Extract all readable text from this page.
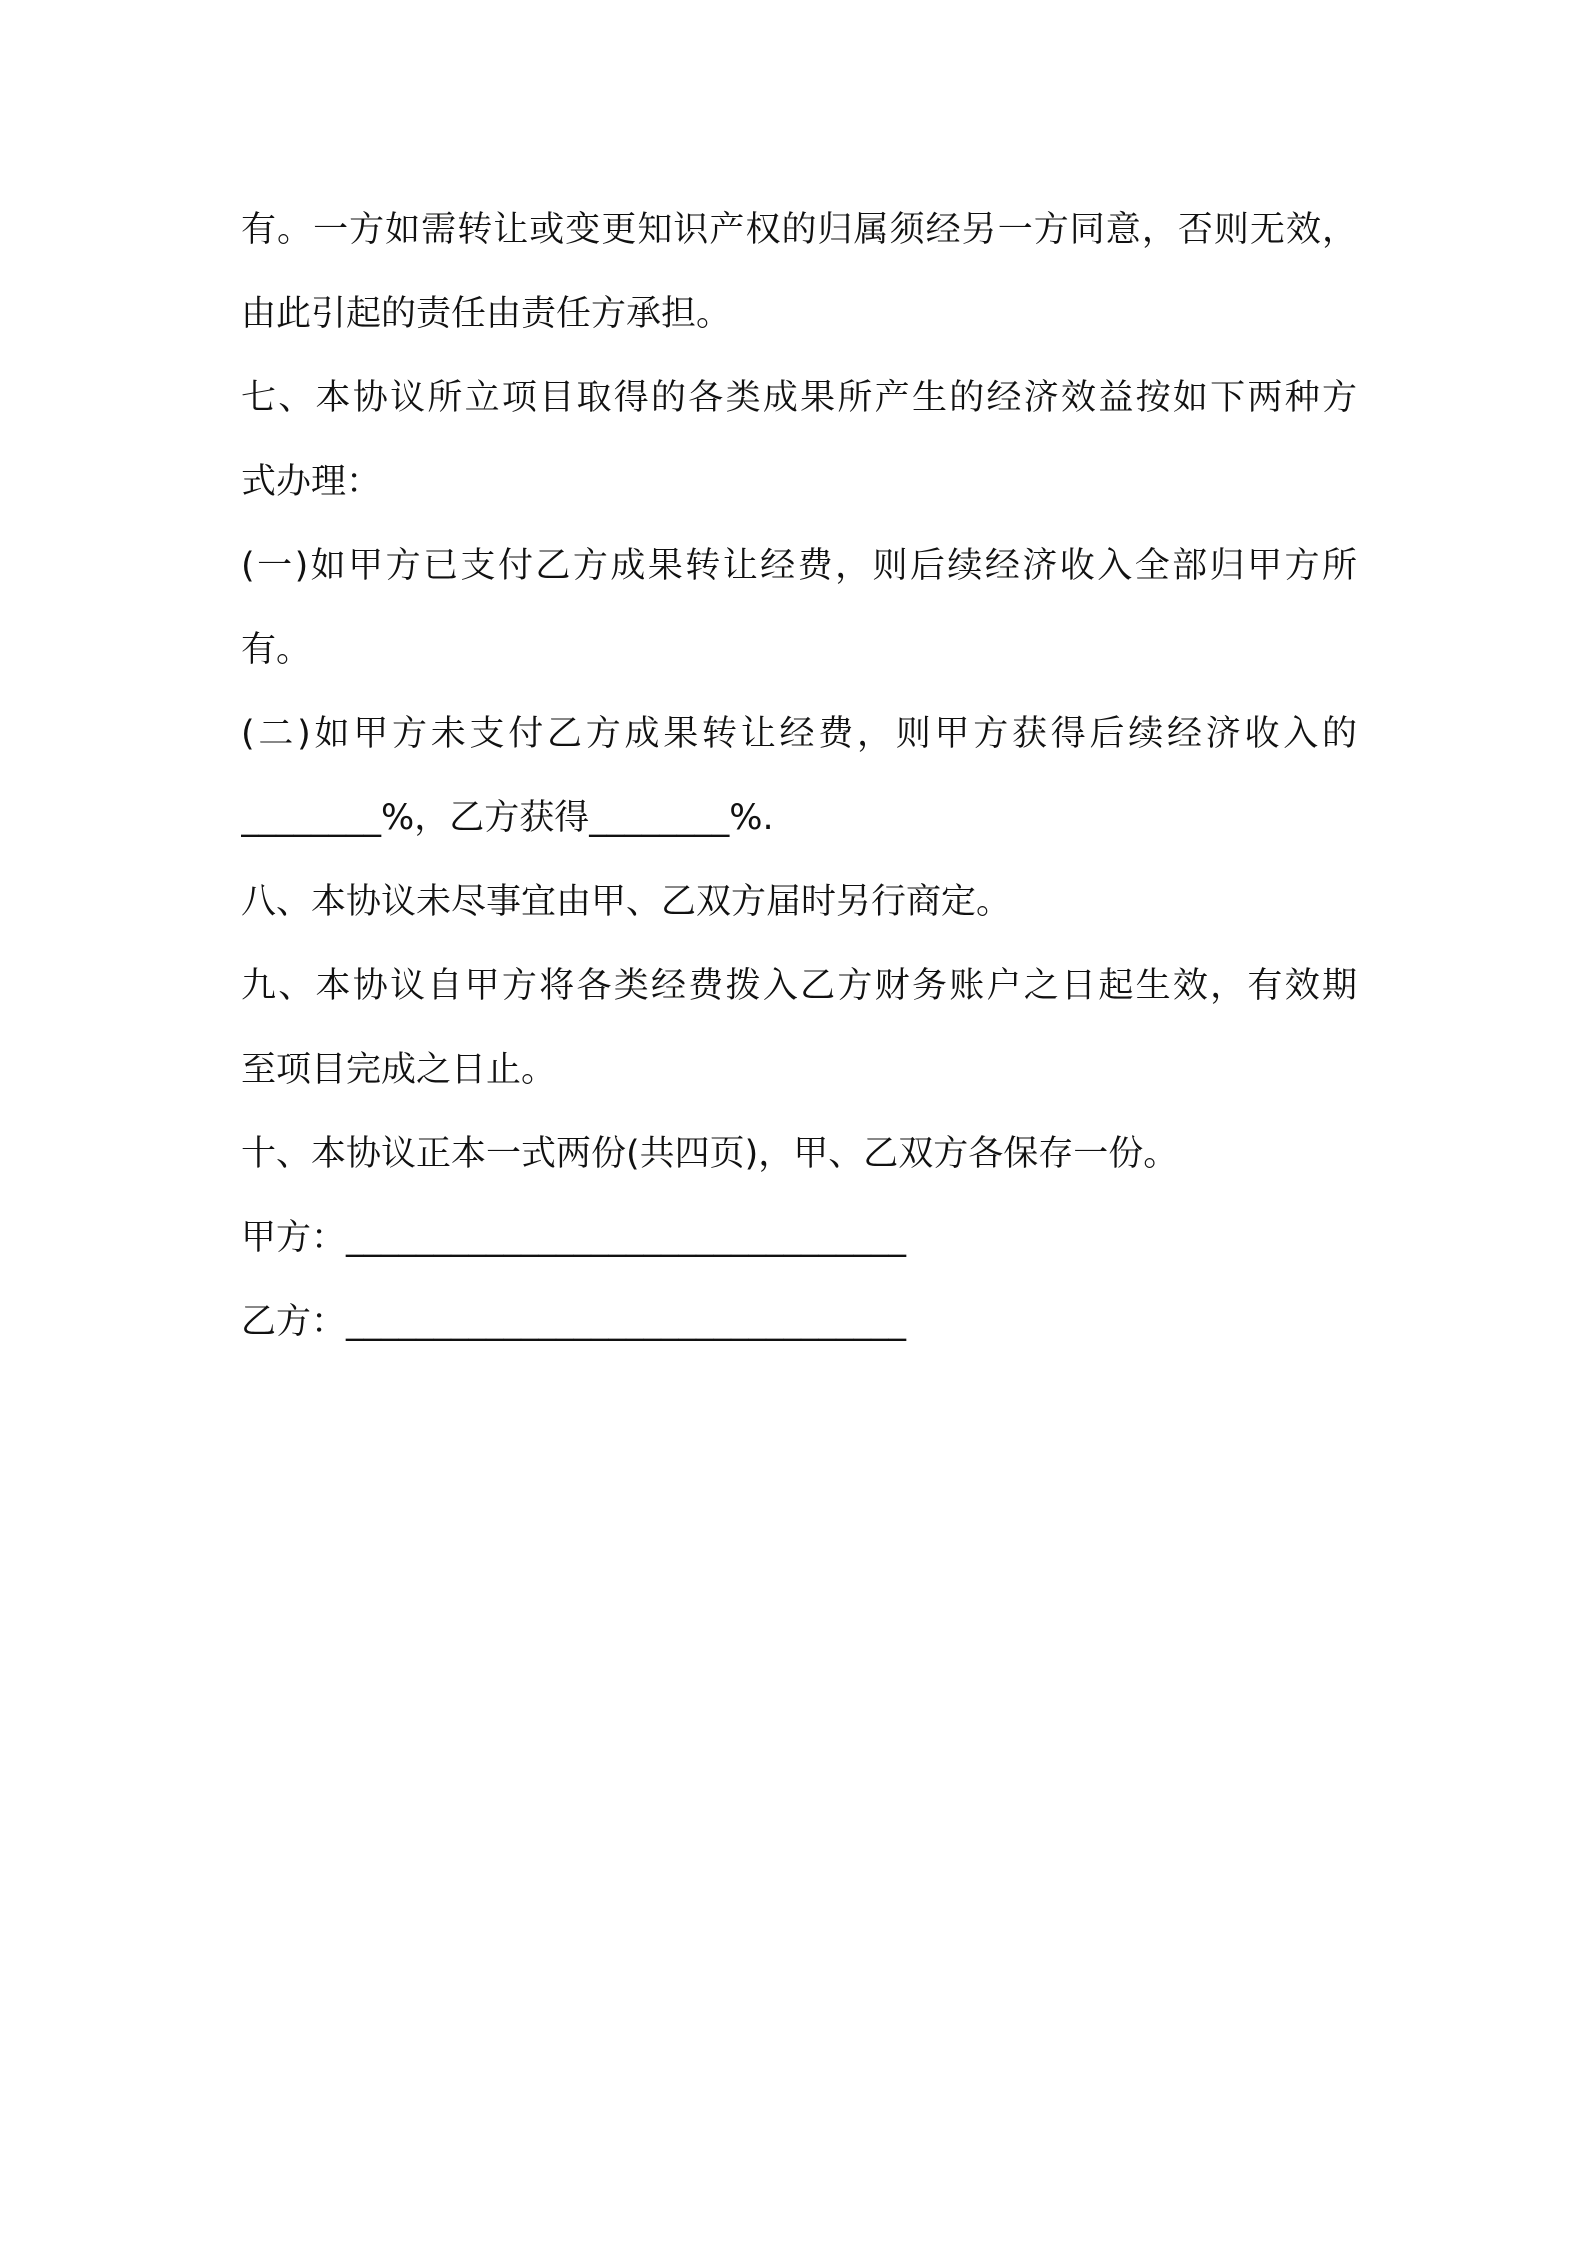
有。一方如需转让或变更知识产权的归属须经另一方同意，否则无效，
由此引起的责任由责任方承担。
七、本协议所立项目取得的各类成果所产生的经济效益按如下两种方
式办理：
(一)如甲方已支付乙方成果转让经费，则后续经济收入全部归甲方所
有。
(二)如甲方未支付乙方成果转让经费，则甲方获得后续经济收入的
________%，乙方获得________%.
八、本协议未尽事宜由甲、乙双方届时另行商定。
九、本协议自甲方将各类经费拨入乙方财务账户之日起生效，有效期
至项目完成之日止。
十、本协议正本一式两份(共四页)，甲、乙双方各保存一份。
甲方：________________________________
乙方：________________________________
